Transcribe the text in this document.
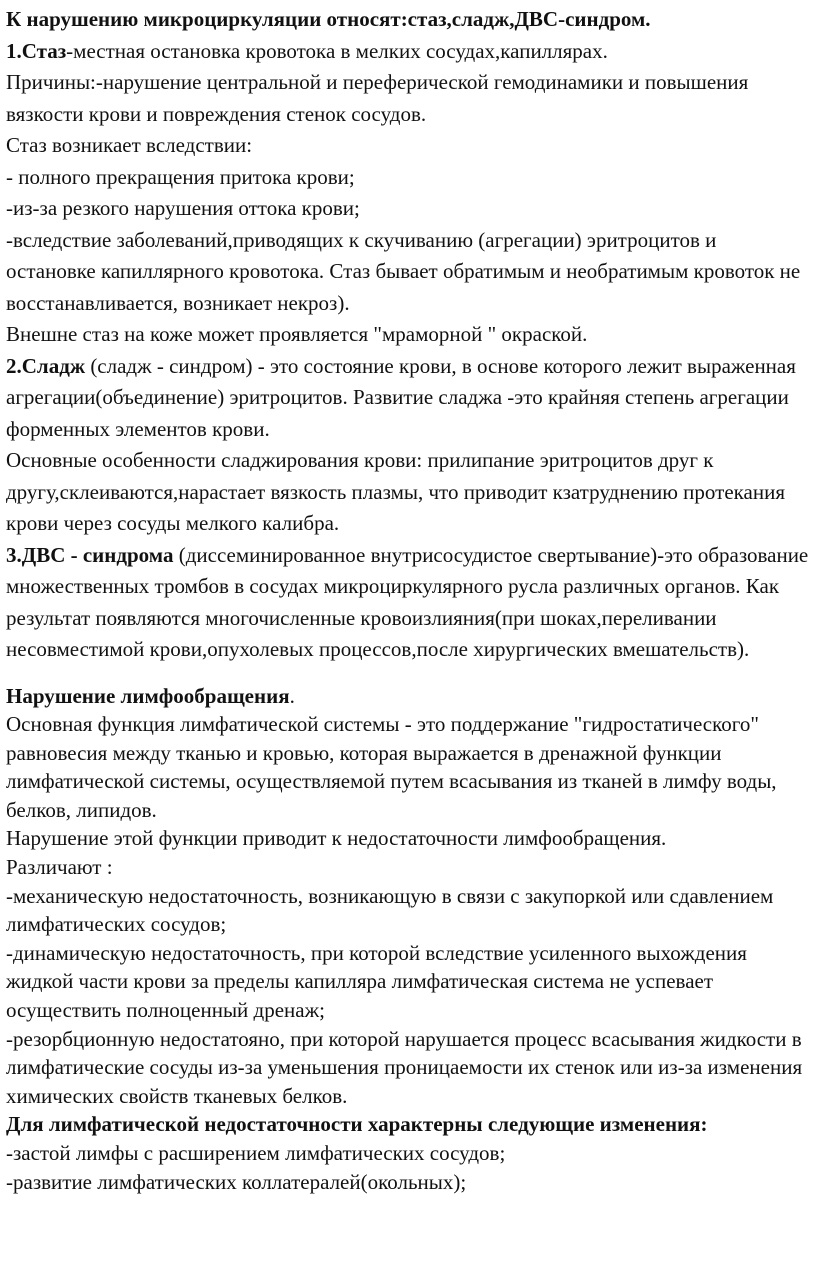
К нарушению микроциркуляции относят:стаз,сладж,ДВС-синдром.

1.Стаз-местная остановка кровотока в мелких сосудах,капиллярах.

Причины:-нарушение центральной и переферической гемодинамики и повышения вязкости крови и повреждения стенок сосудов.

Стаз возникает вследствии:

- полного прекращения притока крови;

-из-за резкого нарушения оттока крови;

-вследствие заболеваний,приводящих к скучиванию (агрегации) эритроцитов и остановке капиллярного кровотока. Стаз бывает обратимым и необратимым кровоток не восстанавливается, возникает некроз).

Внешне стаз на коже может проявляется "мраморной " окраской.

2.Сладж (сладж - синдром) - это состояние крови, в основе которого лежит выраженная агрегации(объединение) эритроцитов. Развитие сладжа -это крайняя степень агрегации форменных элементов крови.

Основные особенности сладжирования крови: прилипание эритроцитов друг к другу,склеиваются,нарастает вязкость плазмы, что приводит кзатруднению протекания крови через сосуды мелкого калибра.

3.ДВС - синдрома (диссеминированное внутрисосудистое свертывание)-это образование множественных тромбов в сосудах микроциркулярного русла различных органов. Как результат появляются многочисленные кровоизлияния(при шоках,переливании несовместимой крови,опухолевых процессов,после хирургических вмешательств).

Нарушение лимфообращения.

Основная функция лимфатической системы - это поддержание "гидростатического" равновесия между тканью и кровью, которая выражается в дренажной функции лимфатической системы, осуществляемой путем всасывания из тканей в лимфу воды, белков, липидов.

Нарушение этой функции приводит к недостаточности лимфообращения.

Различают :

-механическую недостаточность, возникающую в связи с закупоркой или сдавлением лимфатических сосудов;

-динамическую недостаточность, при которой вследствие усиленного выхождения жидкой части крови за пределы капилляра лимфатическая система не успевает осуществить полноценный дренаж;

-резорбционную недостатояно, при которой нарушается процесс всасывания жидкости в лимфатические сосуды из-за уменьшения проницаемости их стенок или из-за изменения химических свойств тканевых белков.

Для лимфатической недостаточности характерны следующие изменения:

-застой лимфы с расширением лимфатических сосудов;

-развитие лимфатических коллатералей(окольных);
